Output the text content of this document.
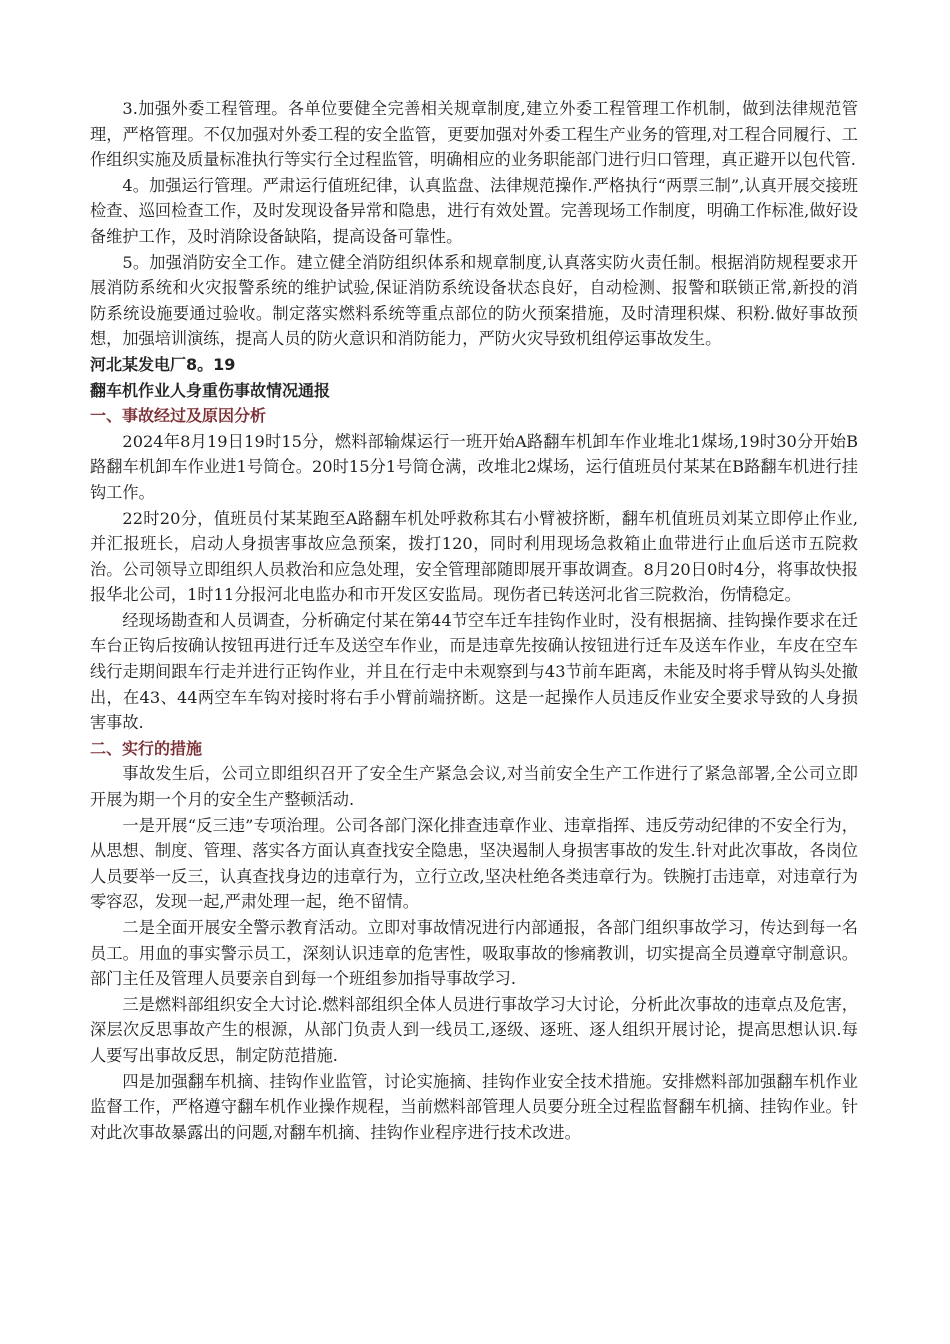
3.加强外委工程管理。各单位要健全完善相关规章制度,建立外委工程管理工作机制，做到法律规范管理，严格管理。不仅加强对外委工程的安全监管，更要加强对外委工程生产业务的管理,对工程合同履行、工作组织实施及质量标准执行等实行全过程监管，明确相应的业务职能部门进行归口管理，真正避开以包代管.

4。加强运行管理。严肃运行值班纪律，认真监盘、法律规范操作.严格执行“两票三制”,认真开展交接班检查、巡回检查工作，及时发现设备异常和隐患，进行有效处置。完善现场工作制度，明确工作标准,做好设备维护工作，及时消除设备缺陷，提高设备可靠性。

5。加强消防安全工作。建立健全消防组织体系和规章制度,认真落实防火责任制。根据消防规程要求开展消防系统和火灾报警系统的维护试验,保证消防系统设备状态良好，自动检测、报警和联锁正常,新投的消防系统设施要通过验收。制定落实燃料系统等重点部位的防火预案措施，及时清理积煤、积粉.做好事故预想，加强培训演练，提高人员的防火意识和消防能力，严防火灾导致机组停运事故发生。

河北某发电厂8。19
翻车机作业人身重伤事故情况通报
一、事故经过及原因分析

2024年8月19日19时15分，燃料部输煤运行一班开始A路翻车机卸车作业堆北1煤场,19时30分开始B路翻车机卸车作业进1号筒仓。20时15分1号筒仓满，改堆北2煤场，运行值班员付某某在B路翻车机进行挂钩工作。

22时20分，值班员付某某跑至A路翻车机处呼救称其右小臂被挤断，翻车机值班员刘某立即停止作业,并汇报班长，启动人身损害事故应急预案，拨打120，同时利用现场急救箱止血带进行止血后送市五院救治。公司领导立即组织人员救治和应急处理，安全管理部随即展开事故调查。8月20日0时4分，将事故快报报华北公司，1时11分报河北电监办和市开发区安监局。现伤者已转送河北省三院救治，伤情稳定。

经现场勘查和人员调查，分析确定付某在第44节空车迁车挂钩作业时，没有根据摘、挂钩操作要求在迁车台正钩后按确认按钮再进行迁车及送空车作业，而是违章先按确认按钮进行迁车及送车作业，车皮在空车线行走期间跟车行走并进行正钩作业，并且在行走中未观察到与43节前车距离，未能及时将手臂从钩头处撤出，在43、44两空车车钩对接时将右手小臂前端挤断。这是一起操作人员违反作业安全要求导致的人身损害事故.

二、实行的措施

事故发生后，公司立即组织召开了安全生产紧急会议,对当前安全生产工作进行了紧急部署,全公司立即开展为期一个月的安全生产整顿活动.

一是开展“反三违”专项治理。公司各部门深化排查违章作业、违章指挥、违反劳动纪律的不安全行为，从思想、制度、管理、落实各方面认真查找安全隐患，坚决遏制人身损害事故的发生.针对此次事故，各岗位人员要举一反三，认真查找身边的违章行为，立行立改,坚决杜绝各类违章行为。铁腕打击违章，对违章行为零容忍，发现一起,严肃处理一起，绝不留情。

二是全面开展安全警示教育活动。立即对事故情况进行内部通报，各部门组织事故学习，传达到每一名员工。用血的事实警示员工，深刻认识违章的危害性，吸取事故的惨痛教训，切实提高全员遵章守制意识。部门主任及管理人员要亲自到每一个班组参加指导事故学习.

三是燃料部组织安全大讨论.燃料部组织全体人员进行事故学习大讨论，分析此次事故的违章点及危害，深层次反思事故产生的根源，从部门负责人到一线员工,逐级、逐班、逐人组织开展讨论，提高思想认识.每人要写出事故反思，制定防范措施.

四是加强翻车机摘、挂钩作业监管，讨论实施摘、挂钩作业安全技术措施。安排燃料部加强翻车机作业监督工作，严格遵守翻车机作业操作规程，当前燃料部管理人员要分班全过程监督翻车机摘、挂钩作业。针对此次事故暴露出的问题,对翻车机摘、挂钩作业程序进行技术改进。
